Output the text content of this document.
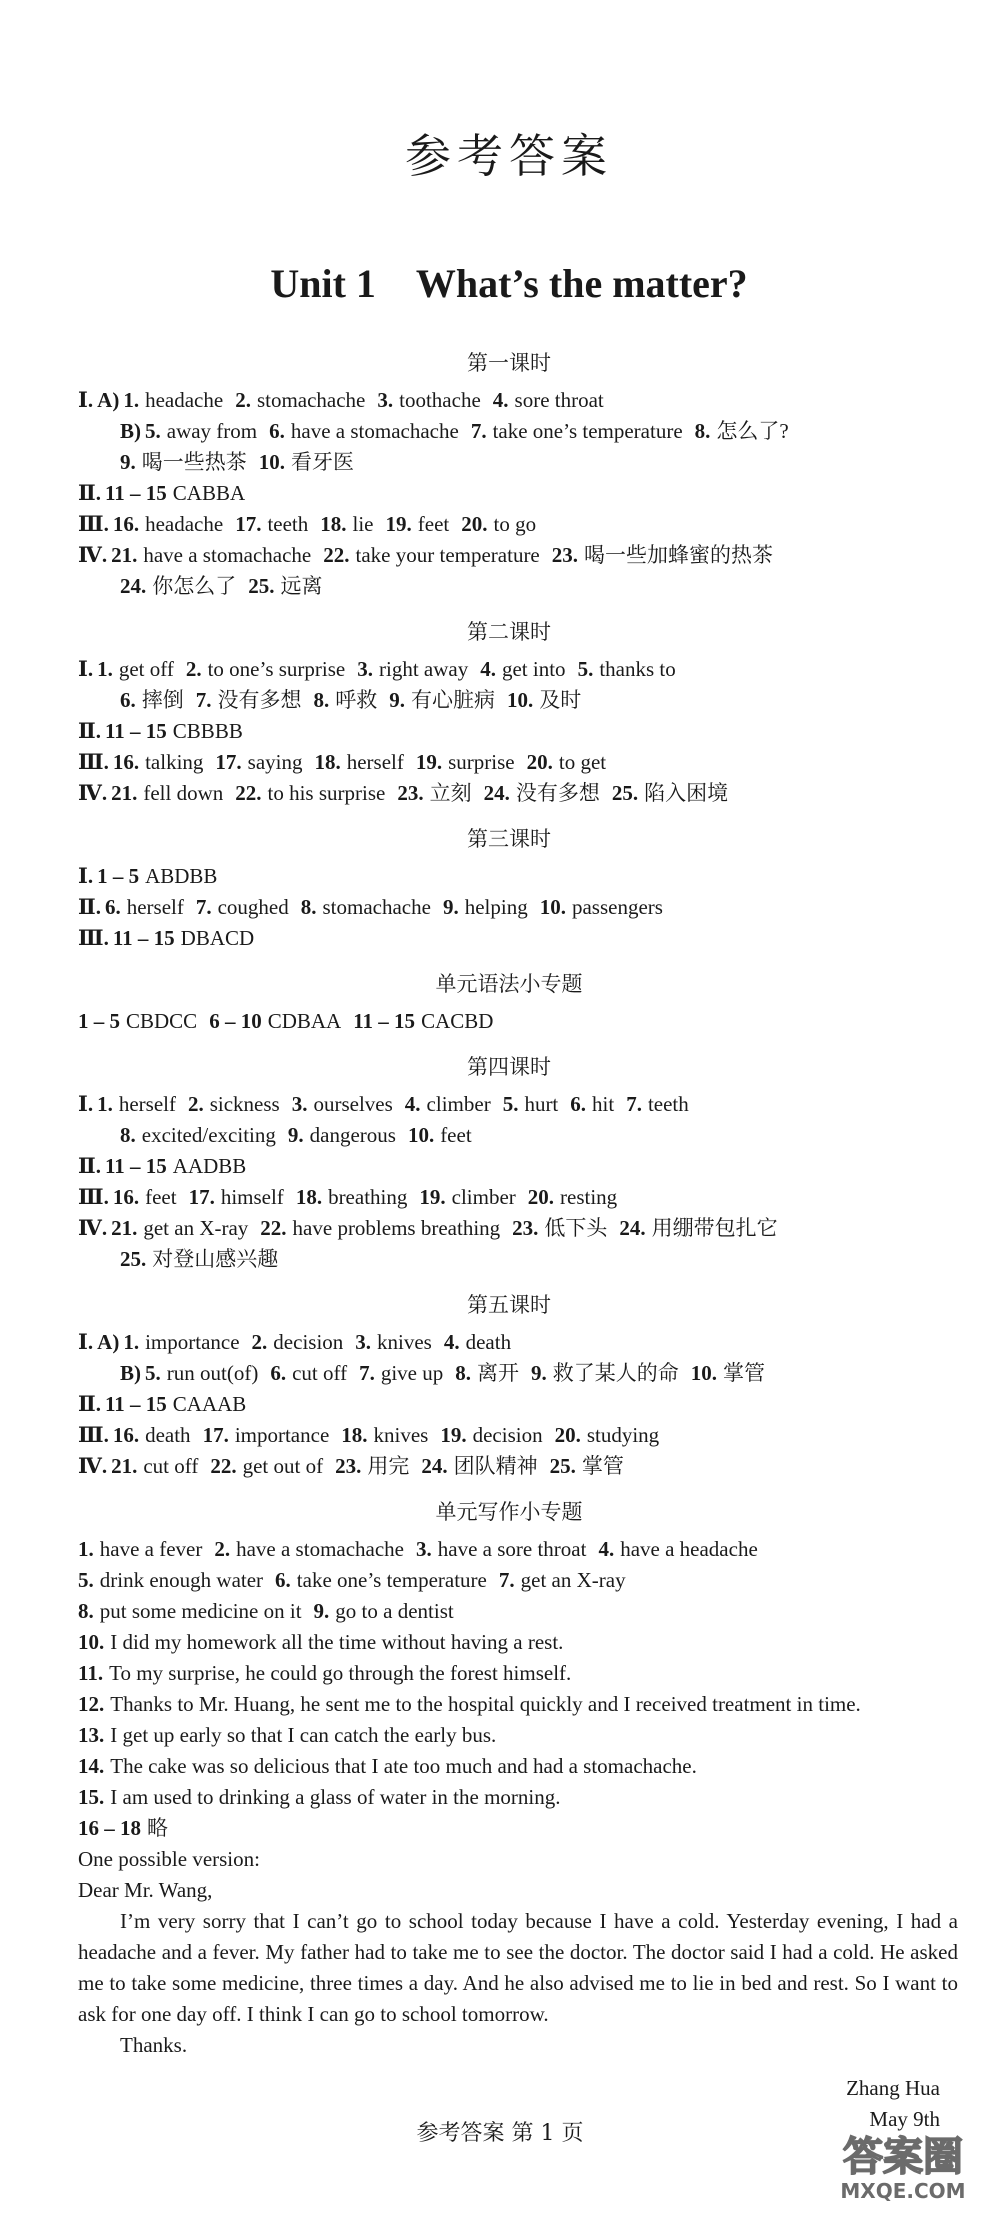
参考答案
Unit 1 What’s the matter?
第一课时
Ⅰ. A) 1. headache 2. stomachache 3. toothache 4. sore throat
B) 5. away from 6. have a stomachache 7. take one’s temperature 8. 怎么了?
9. 喝一些热茶 10. 看牙医
Ⅱ. 11 – 15 CABBA
Ⅲ. 16. headache 17. teeth 18. lie 19. feet 20. to go
Ⅳ. 21. have a stomachache 22. take your temperature 23. 喝一些加蜂蜜的热茶
24. 你怎么了 25. 远离
第二课时
Ⅰ. 1. get off 2. to one’s surprise 3. right away 4. get into 5. thanks to
6. 摔倒 7. 没有多想 8. 呼救 9. 有心脏病 10. 及时
Ⅱ. 11 – 15 CBBBB
Ⅲ. 16. talking 17. saying 18. herself 19. surprise 20. to get
Ⅳ. 21. fell down 22. to his surprise 23. 立刻 24. 没有多想 25. 陷入困境
第三课时
Ⅰ. 1 – 5 ABDBB
Ⅱ. 6. herself 7. coughed 8. stomachache 9. helping 10. passengers
Ⅲ. 11 – 15 DBACD
单元语法小专题
1 – 5 CBDCC 6 – 10 CDBAA 11 – 15 CACBD
第四课时
Ⅰ. 1. herself 2. sickness 3. ourselves 4. climber 5. hurt 6. hit 7. teeth
8. excited/exciting 9. dangerous 10. feet
Ⅱ. 11 – 15 AADBB
Ⅲ. 16. feet 17. himself 18. breathing 19. climber 20. resting
Ⅳ. 21. get an X-ray 22. have problems breathing 23. 低下头 24. 用绷带包扎它
25. 对登山感兴趣
第五课时
Ⅰ. A) 1. importance 2. decision 3. knives 4. death
B) 5. run out(of) 6. cut off 7. give up 8. 离开 9. 救了某人的命 10. 掌管
Ⅱ. 11 – 15 CAAAB
Ⅲ. 16. death 17. importance 18. knives 19. decision 20. studying
Ⅳ. 21. cut off 22. get out of 23. 用完 24. 团队精神 25. 掌管
单元写作小专题
1. have a fever 2. have a stomachache 3. have a sore throat 4. have a headache
5. drink enough water 6. take one’s temperature 7. get an X-ray
8. put some medicine on it 9. go to a dentist
10. I did my homework all the time without having a rest.
11. To my surprise, he could go through the forest himself.
12. Thanks to Mr. Huang, he sent me to the hospital quickly and I received treatment in time.
13. I get up early so that I can catch the early bus.
14. The cake was so delicious that I ate too much and had a stomachache.
15. I am used to drinking a glass of water in the morning.
16 – 18 略
One possible version:
Dear Mr. Wang,

I’m very sorry that I can’t go to school today because I have a cold. Yesterday evening, I had a headache and a fever. My father had to take me to see the doctor. The doctor said I had a cold. He asked me to take some medicine, three times a day. And he also advised me to lie in bed and rest. So I want to ask for one day off. I think I can go to school tomorrow.

Thanks.
Zhang Hua
May 9th
参考答案 第 1 页
答案圈
MXQE.COM
